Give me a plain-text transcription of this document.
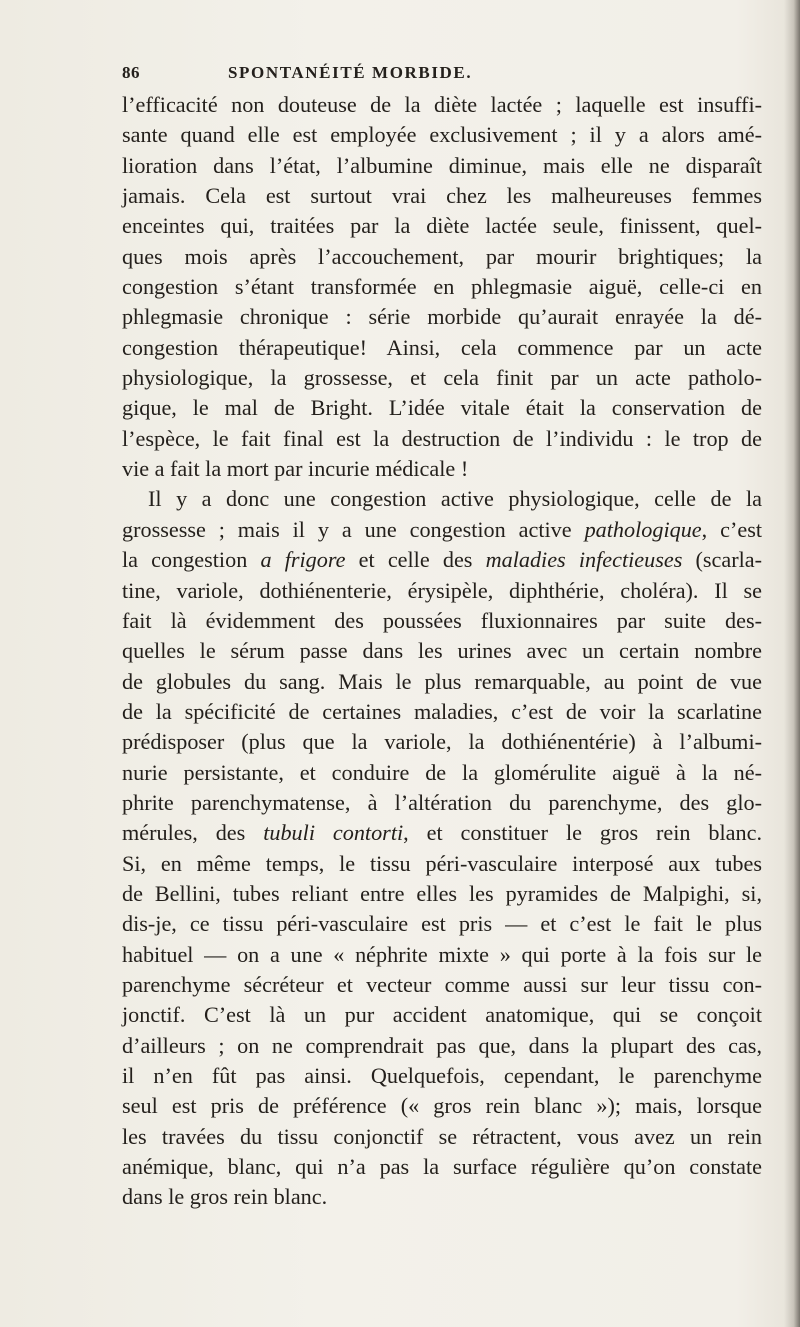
86	SPONTANÉITÉ MORBIDE.
l’efficacité non douteuse de la diète lactée ; laquelle est insuffi-
sante quand elle est employée exclusivement ; il y a alors amé-
lioration dans l’état, l’albumine diminue, mais elle ne disparaît
jamais. Cela est surtout vrai chez les malheureuses femmes
enceintes qui, traitées par la diète lactée seule, finissent, quel-
ques mois après l’accouchement, par mourir brightiques; la
congestion s’étant transformée en phlegmasie aiguë, celle-ci en
phlegmasie chronique : série morbide qu’aurait enrayée la dé-
congestion thérapeutique! Ainsi, cela commence par un acte
physiologique, la grossesse, et cela finit par un acte patholo-
gique, le mal de Bright. L’idée vitale était la conservation de
l’espèce, le fait final est la destruction de l’individu : le trop de
vie a fait la mort par incurie médicale !
Il y a donc une congestion active physiologique, celle de la
grossesse ; mais il y a une congestion active pathologique, c’est
la congestion a frigore et celle des maladies infectieuses (scarla-
tine, variole, dothiénenterie, érysipèle, diphthérie, choléra). Il se
fait là évidemment des poussées fluxionnaires par suite des-
quelles le sérum passe dans les urines avec un certain nombre
de globules du sang. Mais le plus remarquable, au point de vue
de la spécificité de certaines maladies, c’est de voir la scarlatine
prédisposer (plus que la variole, la dothiénentérie) à l’albumi-
nurie persistante, et conduire de la glomérulite aiguë à la né-
phrite parenchymatense, à l’altération du parenchyme, des glo-
mérules, des tubuli contorti, et constituer le gros rein blanc.
Si, en même temps, le tissu péri-vasculaire interposé aux tubes
de Bellini, tubes reliant entre elles les pyramides de Malpighi, si,
dis-je, ce tissu péri-vasculaire est pris — et c’est le fait le plus
habituel — on a une « néphrite mixte » qui porte à la fois sur le
parenchyme sécréteur et vecteur comme aussi sur leur tissu con-
jonctif. C’est là un pur accident anatomique, qui se conçoit
d’ailleurs ; on ne comprendrait pas que, dans la plupart des cas,
il n’en fût pas ainsi. Quelquefois, cependant, le parenchyme
seul est pris de préférence (« gros rein blanc »); mais, lorsque
les travées du tissu conjonctif se rétractent, vous avez un rein
anémique, blanc, qui n’a pas la surface régulière qu’on constate
dans le gros rein blanc.
